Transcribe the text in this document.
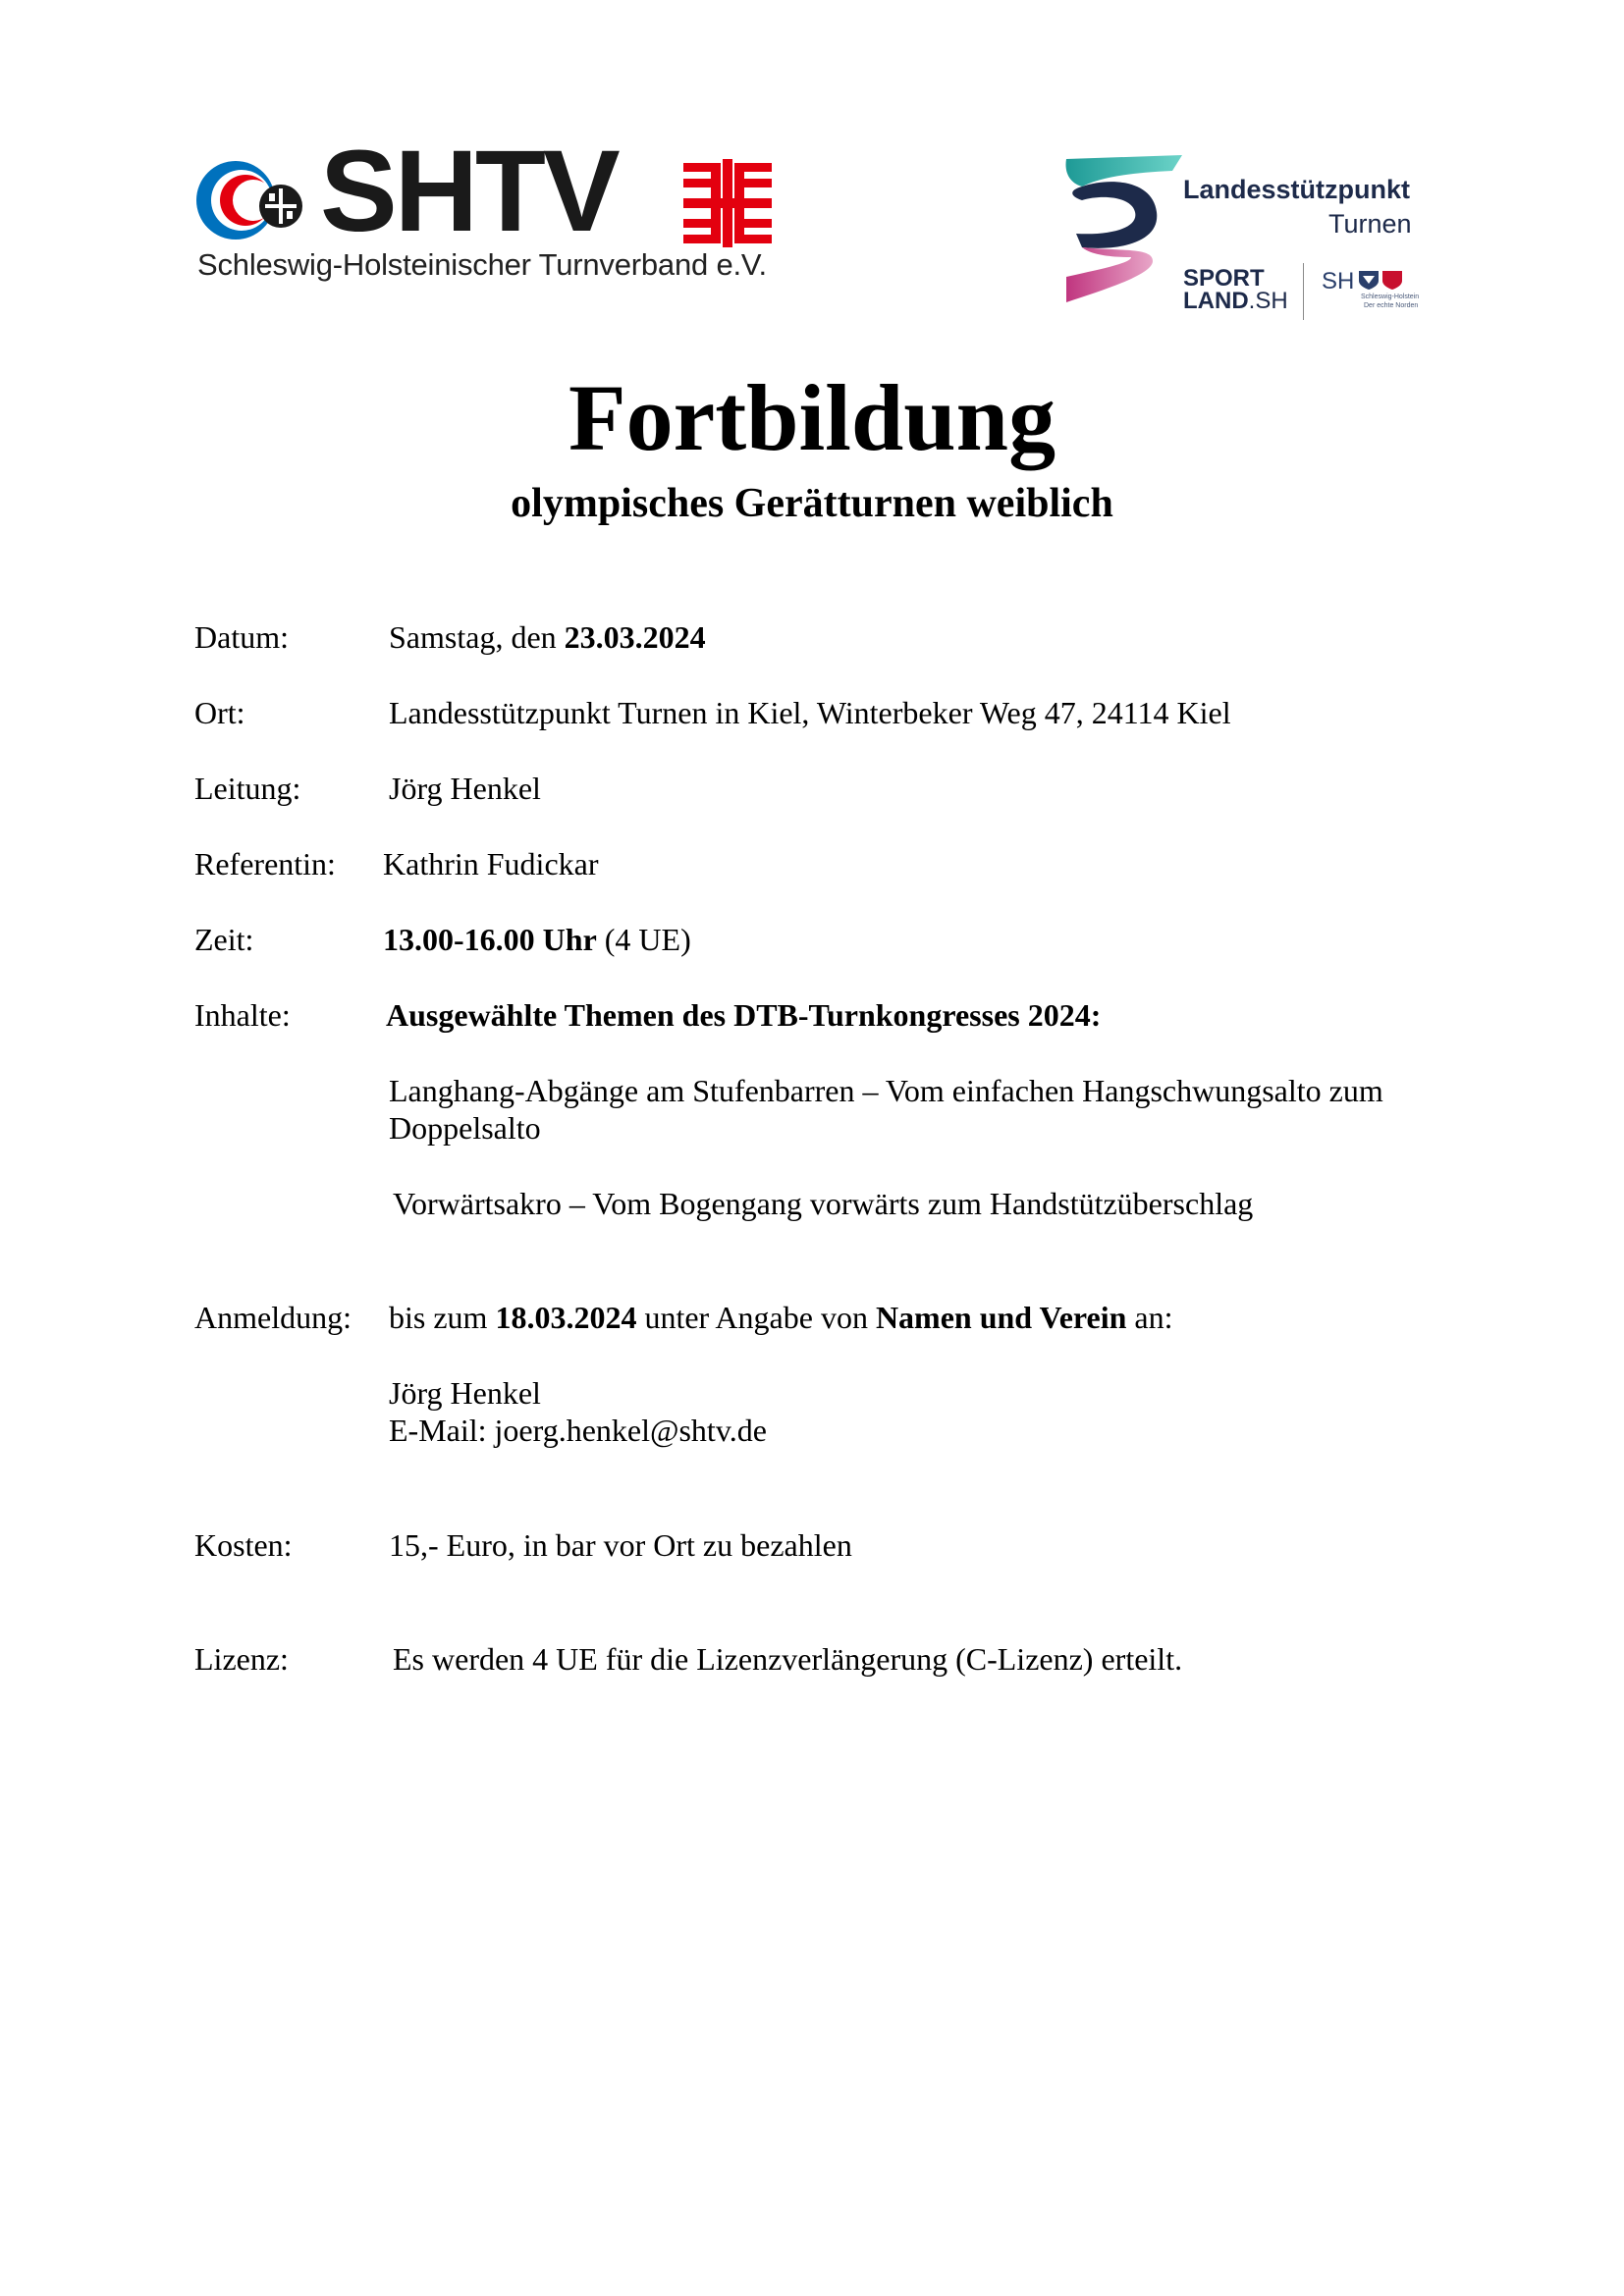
SHTV
Schleswig-Holsteinischer Turnverband e.V.
Landesstützpunkt
Turnen
SPORT
LAND.SH
SH
Schleswig-Holstein
Der echte Norden
Fortbildung
olympisches Gerätturnen weiblich
Datum:	Samstag, den 23.03.2024
Ort:	Landesstützpunkt Turnen in Kiel, Winterbeker Weg 47, 24114 Kiel
Leitung:	Jörg Henkel
Referentin: Kathrin Fudickar
Zeit:	13.00-16.00 Uhr (4 UE)
Inhalte:	Ausgewählte Themen des DTB-Turnkongresses 2024:
Langhang-Abgänge am Stufenbarren – Vom einfachen Hangschwungsalto zum
Doppelsalto
Vorwärtsakro – Vom Bogengang vorwärts zum Handstützüberschlag
Anmeldung: bis zum 18.03.2024 unter Angabe von Namen und Verein an:
Jörg Henkel
E-Mail: joerg.henkel@shtv.de
Kosten:	15,- Euro, in bar vor Ort zu bezahlen
Lizenz:	Es werden 4 UE für die Lizenzverlängerung (C-Lizenz) erteilt.
